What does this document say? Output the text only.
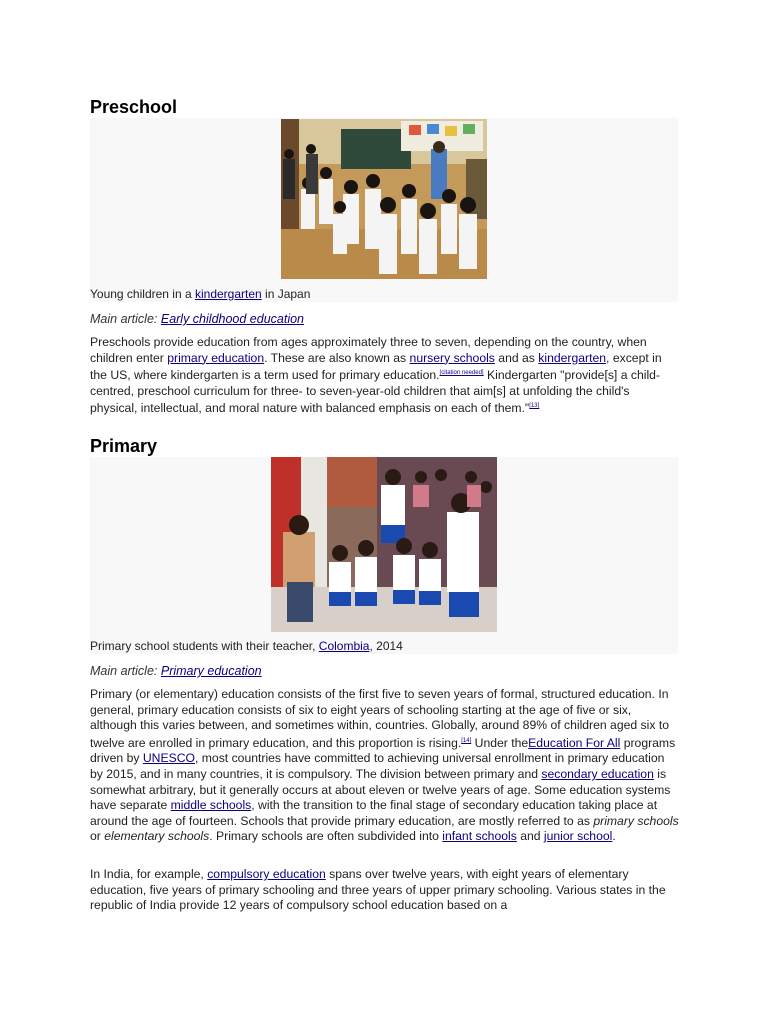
Preschool
Young children in a kindergarten in Japan
Main article: Early childhood education

Preschools provide education from ages approximately three to seven, depending on the country, when children enter primary education. These are also known as nursery schools and as kindergarten, except in the US, where kindergarten is a term used for primary education.[citation needed] Kindergarten "provide[s] a child-centred, preschool curriculum for three- to seven-year-old children that aim[s] at unfolding the child's physical, intellectual, and moral nature with balanced emphasis on each of them."[13]

Primary
Primary school students with their teacher, Colombia, 2014
Main article: Primary education

Primary (or elementary) education consists of the first five to seven years of formal, structured education. In general, primary education consists of six to eight years of schooling starting at the age of five or six, although this varies between, and sometimes within, countries. Globally, around 89% of children aged six to twelve are enrolled in primary education, and this proportion is rising.[14] Under theEducation For All programs driven by UNESCO, most countries have committed to achieving universal enrollment in primary education by 2015, and in many countries, it is compulsory. The division between primary and secondary education is somewhat arbitrary, but it generally occurs at about eleven or twelve years of age. Some education systems have separate middle schools, with the transition to the final stage of secondary education taking place at around the age of fourteen. Schools that provide primary education, are mostly referred to as primary schools or elementary schools. Primary schools are often subdivided into infant schools and junior school.

In India, for example, compulsory education spans over twelve years, with eight years of elementary education, five years of primary schooling and three years of upper primary schooling. Various states in the republic of India provide 12 years of compulsory school education based on a
